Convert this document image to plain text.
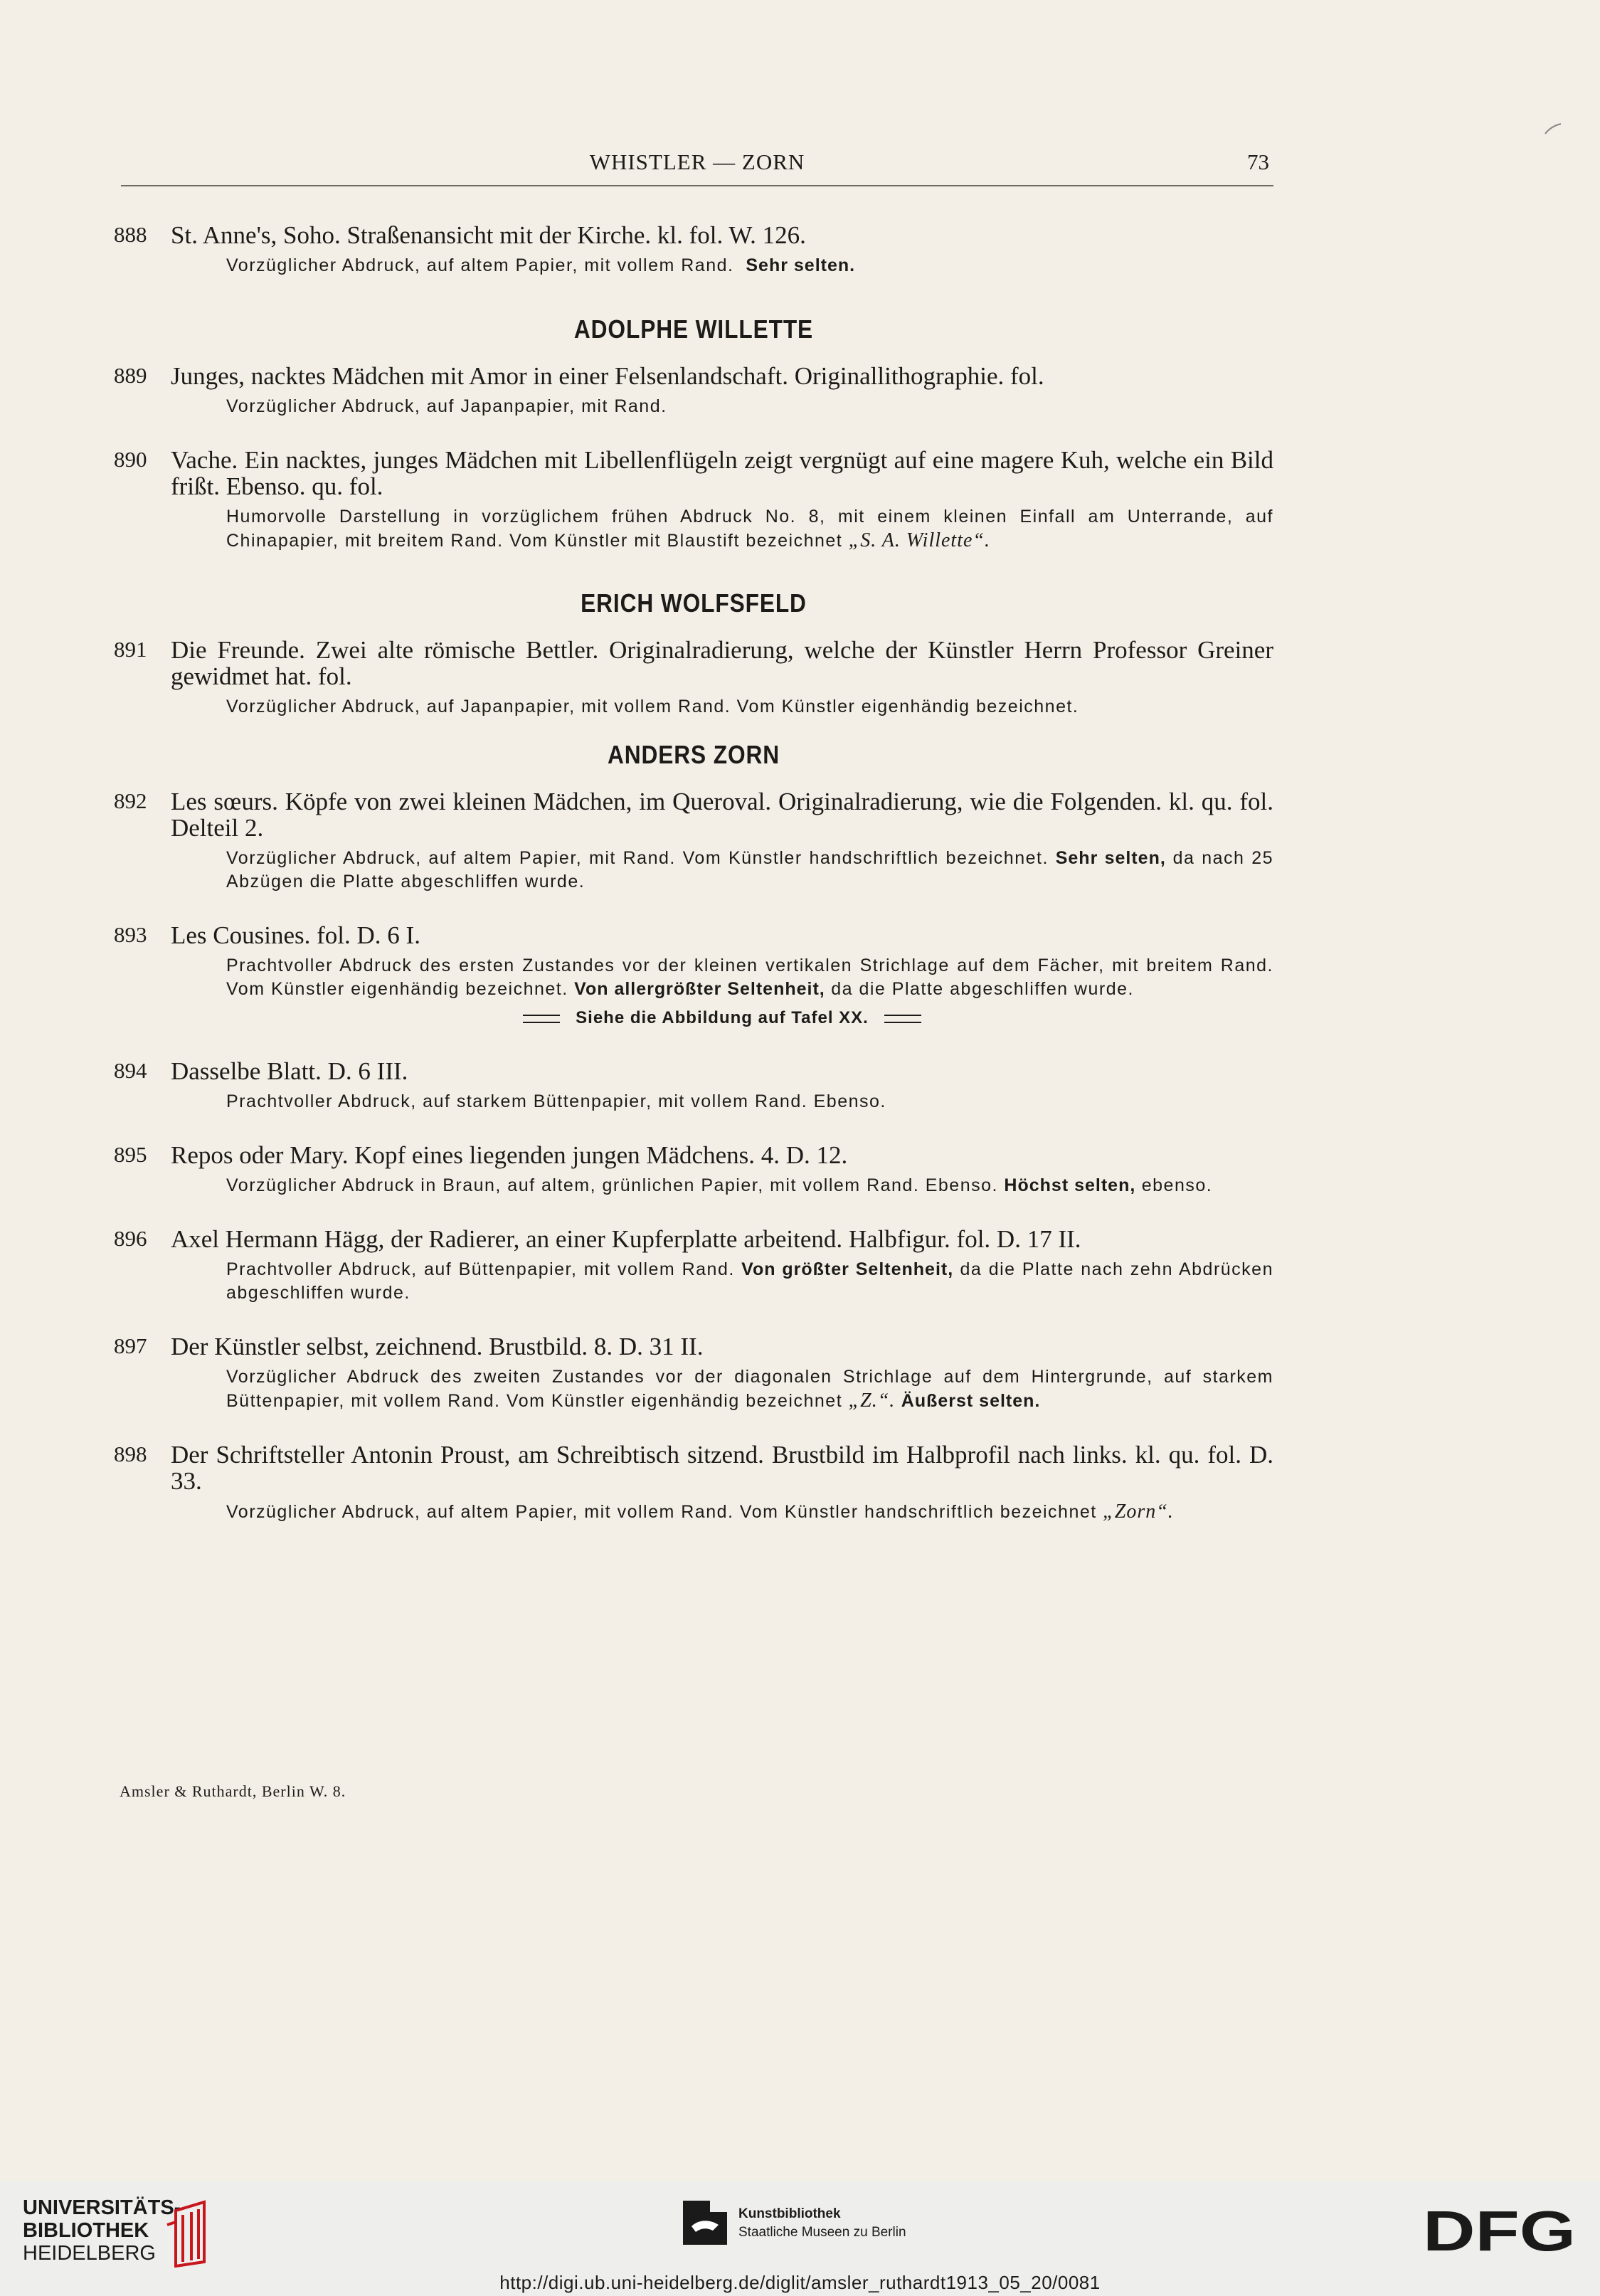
WHISTLER — ZORN	73
888 St. Anne's, Soho. Straßenansicht mit der Kirche. kl. fol. W. 126.
Vorzüglicher Abdruck, auf altem Papier, mit vollem Rand. Sehr selten.
ADOLPHE WILLETTE
889 Junges, nacktes Mädchen mit Amor in einer Felsenlandschaft. Originallithographie. fol.
Vorzüglicher Abdruck, auf Japanpapier, mit Rand.
890 Vache. Ein nacktes, junges Mädchen mit Libellenflügeln zeigt vergnügt auf eine magere Kuh, welche ein Bild frißt. Ebenso. qu. fol.
Humorvolle Darstellung in vorzüglichem frühen Abdruck No. 8, mit einem kleinen Einfall am Unterrande, auf Chinapapier, mit breitem Rand. Vom Künstler mit Blaustift bezeichnet „S. A. Willette“.
ERICH WOLFSFELD
891 Die Freunde. Zwei alte römische Bettler. Originalradierung, welche der Künstler Herrn Professor Greiner gewidmet hat. fol.
Vorzüglicher Abdruck, auf Japanpapier, mit vollem Rand. Vom Künstler eigenhändig bezeichnet.
ANDERS ZORN
892 Les sœurs. Köpfe von zwei kleinen Mädchen, im Queroval. Originalradierung, wie die Folgenden. kl. qu. fol. Delteil 2.
Vorzüglicher Abdruck, auf altem Papier, mit Rand. Vom Künstler handschriftlich bezeichnet. Sehr selten, da nach 25 Abzügen die Platte abgeschliffen wurde.
893 Les Cousines. fol. D. 6 I.
Prachtvoller Abdruck des ersten Zustandes vor der kleinen vertikalen Strichlage auf dem Fächer, mit breitem Rand. Vom Künstler eigenhändig bezeichnet. Von allergrößter Seltenheit, da die Platte abgeschliffen wurde.
Siehe die Abbildung auf Tafel XX.
894 Dasselbe Blatt. D. 6 III.
Prachtvoller Abdruck, auf starkem Büttenpapier, mit vollem Rand. Ebenso.
895 Repos oder Mary. Kopf eines liegenden jungen Mädchens. 4. D. 12.
Vorzüglicher Abdruck in Braun, auf altem, grünlichen Papier, mit vollem Rand. Ebenso. Höchst selten, ebenso.
896 Axel Hermann Hägg, der Radierer, an einer Kupferplatte arbeitend. Halbfigur. fol. D. 17 II.
Prachtvoller Abdruck, auf Büttenpapier, mit vollem Rand. Von größter Seltenheit, da die Platte nach zehn Abdrücken abgeschliffen wurde.
897 Der Künstler selbst, zeichnend. Brustbild. 8. D. 31 II.
Vorzüglicher Abdruck des zweiten Zustandes vor der diagonalen Strichlage auf dem Hintergrunde, auf starkem Büttenpapier, mit vollem Rand. Vom Künstler eigenhändig bezeichnet „Z.“. Äußerst selten.
898 Der Schriftsteller Antonin Proust, am Schreibtisch sitzend. Brustbild im Halbprofil nach links. kl. qu. fol. D. 33.
Vorzüglicher Abdruck, auf altem Papier, mit vollem Rand. Vom Künstler handschriftlich bezeichnet „Zorn“.
Amsler & Ruthardt, Berlin W. 8.
UNIVERSITÄTS-
BIBLIOTHEK
HEIDELBERG
Kunstbibliothek
Staatliche Museen zu Berlin	DFG
http://digi.ub.uni-heidelberg.de/diglit/amsler_ruthardt1913_05_20/0081
